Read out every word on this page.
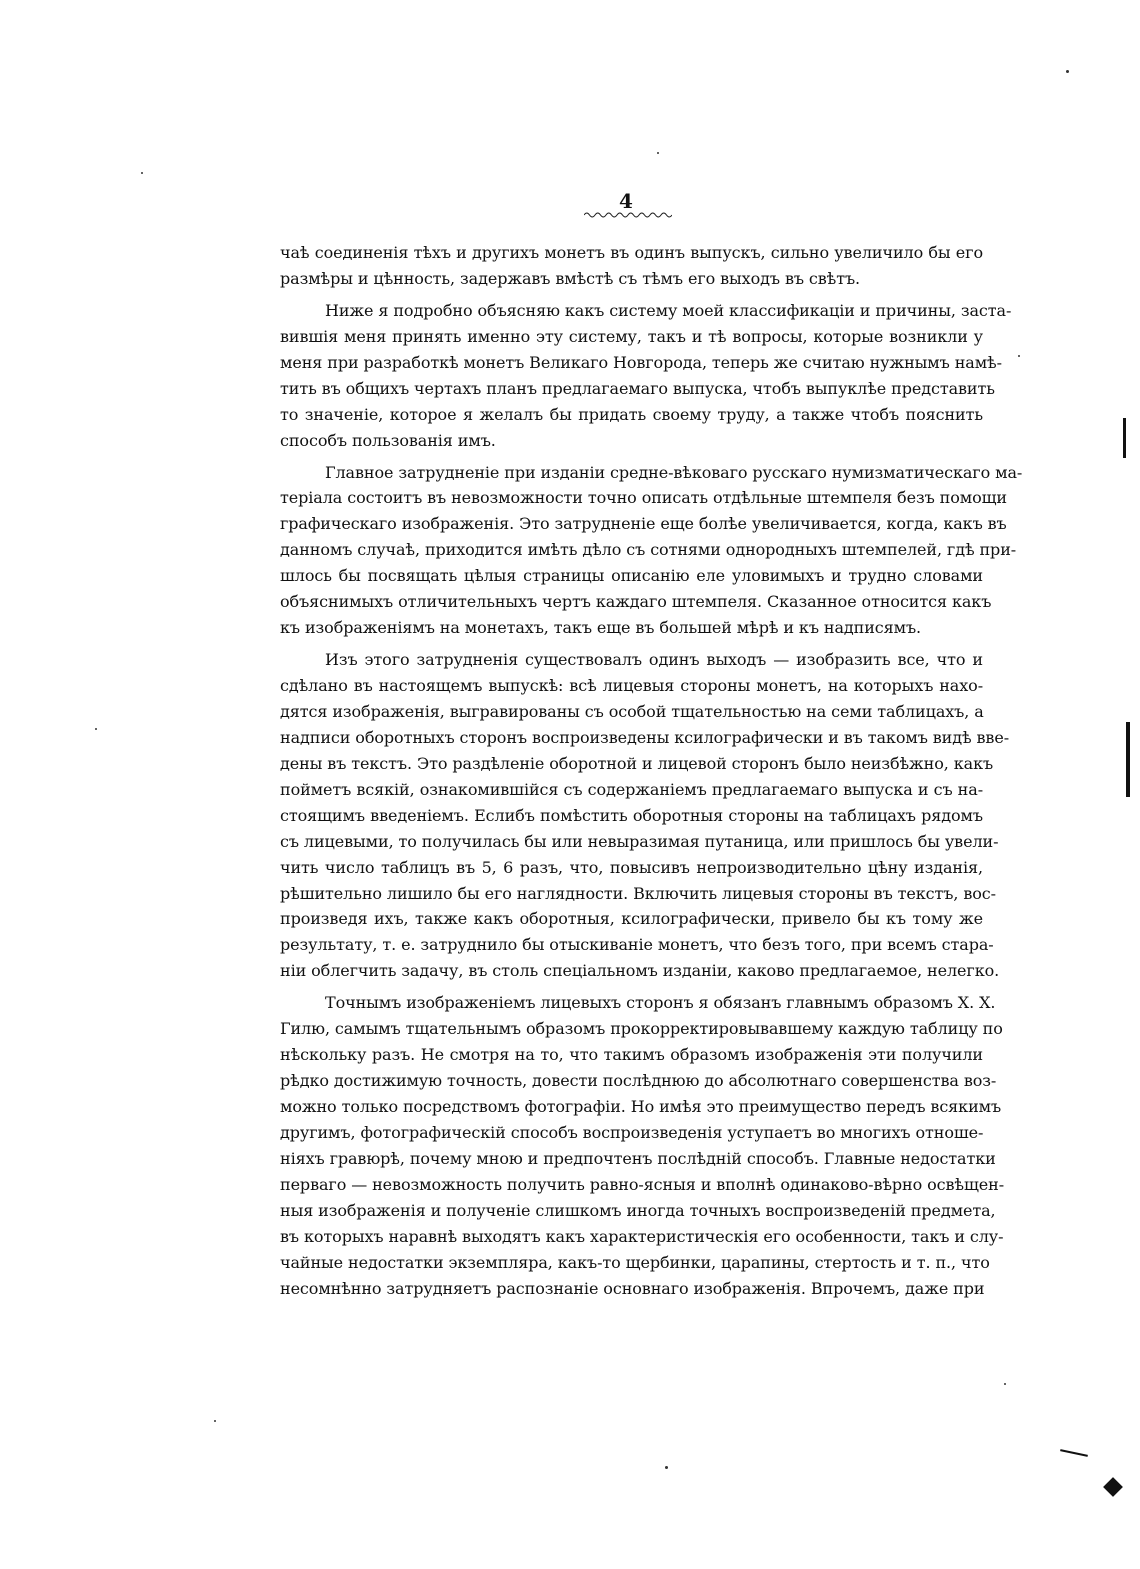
4
чаѣ соединенія тѣхъ и другихъ монетъ въ одинъ выпускъ, сильно увеличило бы его
размѣры и цѣнность, задержавъ вмѣстѣ съ тѣмъ его выходъ въ свѣтъ.
Ниже я подробно объясняю какъ систему моей классификаціи и причины, заста-
вившія меня принять именно эту систему, такъ и тѣ вопросы, которые возникли у
меня при разработкѣ монетъ Великаго Новгорода, теперь же считаю нужнымъ намѣ-
тить въ общихъ чертахъ планъ предлагаемаго выпуска, чтобъ выпуклѣе представить
то значеніе, которое я желалъ бы придать своему труду, а также чтобъ пояснить
способъ пользованія имъ.
Главное затрудненіе при изданіи средне-вѣковаго русскаго нумизматическаго ма-
теріала состоитъ въ невозможности точно описать отдѣльные штемпеля безъ помощи
графическаго изображенія. Это затрудненіе еще болѣе увеличивается, когда, какъ въ
данномъ случаѣ, приходится имѣть дѣло съ сотнями однородныхъ штемпелей, гдѣ при-
шлось бы посвящать цѣлыя страницы описанію еле уловимыхъ и трудно словами
объяснимыхъ отличительныхъ чертъ каждаго штемпеля. Сказанное относится какъ
къ изображеніямъ на монетахъ, такъ еще въ большей мѣрѣ и къ надписямъ.
Изъ этого затрудненія существовалъ одинъ выходъ — изобразить все, что и
сдѣлано въ настоящемъ выпускѣ: всѣ лицевыя стороны монетъ, на которыхъ нахо-
дятся изображенія, выгравированы съ особой тщательностью на семи таблицахъ, а
надписи оборотныхъ сторонъ воспроизведены ксилографически и въ такомъ видѣ вве-
дены въ текстъ. Это раздѣленіе оборотной и лицевой сторонъ было неизбѣжно, какъ
пойметъ всякій, ознакомившійся съ содержаніемъ предлагаемаго выпуска и съ на-
стоящимъ введеніемъ. Еслибъ помѣстить оборотныя стороны на таблицахъ рядомъ
съ лицевыми, то получилась бы или невыразимая путаница, или пришлось бы увели-
чить число таблицъ въ 5, 6 разъ, что, повысивъ непроизводительно цѣну изданія,
рѣшительно лишило бы его наглядности. Включить лицевыя стороны въ текстъ, вос-
произведя ихъ, также какъ оборотныя, ксилографически, привело бы къ тому же
результату, т. е. затруднило бы отыскиваніе монетъ, что безъ того, при всемъ стара-
ніи облегчить задачу, въ столь спеціальномъ изданіи, каково предлагаемое, нелегко.
Точнымъ изображеніемъ лицевыхъ сторонъ я обязанъ главнымъ образомъ Х. Х.
Гилю, самымъ тщательнымъ образомъ прокорректировывавшему каждую таблицу по
нѣскольку разъ. Не смотря на то, что такимъ образомъ изображенія эти получили
рѣдко достижимую точность, довести послѣднюю до абсолютнаго совершенства воз-
можно только посредствомъ фотографіи. Но имѣя это преимущество передъ всякимъ
другимъ, фотографическій способъ воспроизведенія уступаетъ во многихъ отноше-
ніяхъ гравюрѣ, почему мною и предпочтенъ послѣдній способъ. Главные недостатки
перваго — невозможность получить равно-ясныя и вполнѣ одинаково-вѣрно освѣщен-
ныя изображенія и полученіе слишкомъ иногда точныхъ воспроизведеній предмета,
въ которыхъ наравнѣ выходятъ какъ характеристическія его особенности, такъ и слу-
чайные недостатки экземпляра, какъ-то щербинки, царапины, стертость и т. п., что
несомнѣнно затрудняетъ распознаніе основнаго изображенія. Впрочемъ, даже при
